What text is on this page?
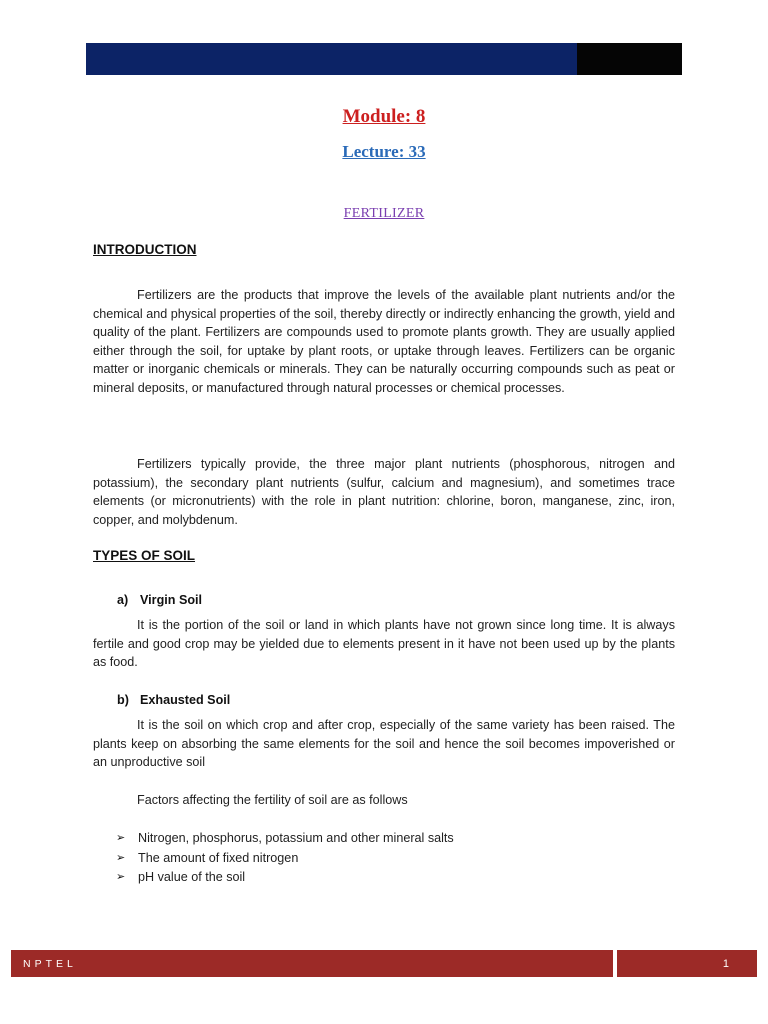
Module: 8
Lecture: 33
FERTILIZER
INTRODUCTION

Fertilizers are the products that improve the levels of the available plant nutrients and/or the chemical and physical properties of the soil, thereby directly or indirectly enhancing the growth, yield and quality of the plant. Fertilizers are compounds used to promote plants growth. They are usually applied either through the soil, for uptake by plant roots, or uptake through leaves. Fertilizers can be organic matter or inorganic chemicals or minerals. They can be naturally occurring compounds such as peat or mineral deposits, or manufactured through natural processes or chemical processes.

Fertilizers typically provide, the three major plant nutrients (phosphorous, nitrogen and potassium), the secondary plant nutrients (sulfur, calcium and magnesium), and sometimes trace elements (or micronutrients) with the role in plant nutrition: chlorine, boron, manganese, zinc, iron, copper, and molybdenum.

TYPES OF SOIL
a) Virgin Soil

It is the portion of the soil or land in which plants have not grown since long time. It is always fertile and good crop may be yielded due to elements present in it have not been used up by the plants as food.

b) Exhausted Soil

It is the soil on which crop and after crop, especially of the same variety has been raised. The plants keep on absorbing the same elements for the soil and hence the soil becomes impoverished or an unproductive soil

Factors affecting the fertility of soil are as follows
➢	Nitrogen, phosphorus, potassium and other mineral salts
➢	The amount of fixed nitrogen
➢	pH value of the soil
NPTEL	1
